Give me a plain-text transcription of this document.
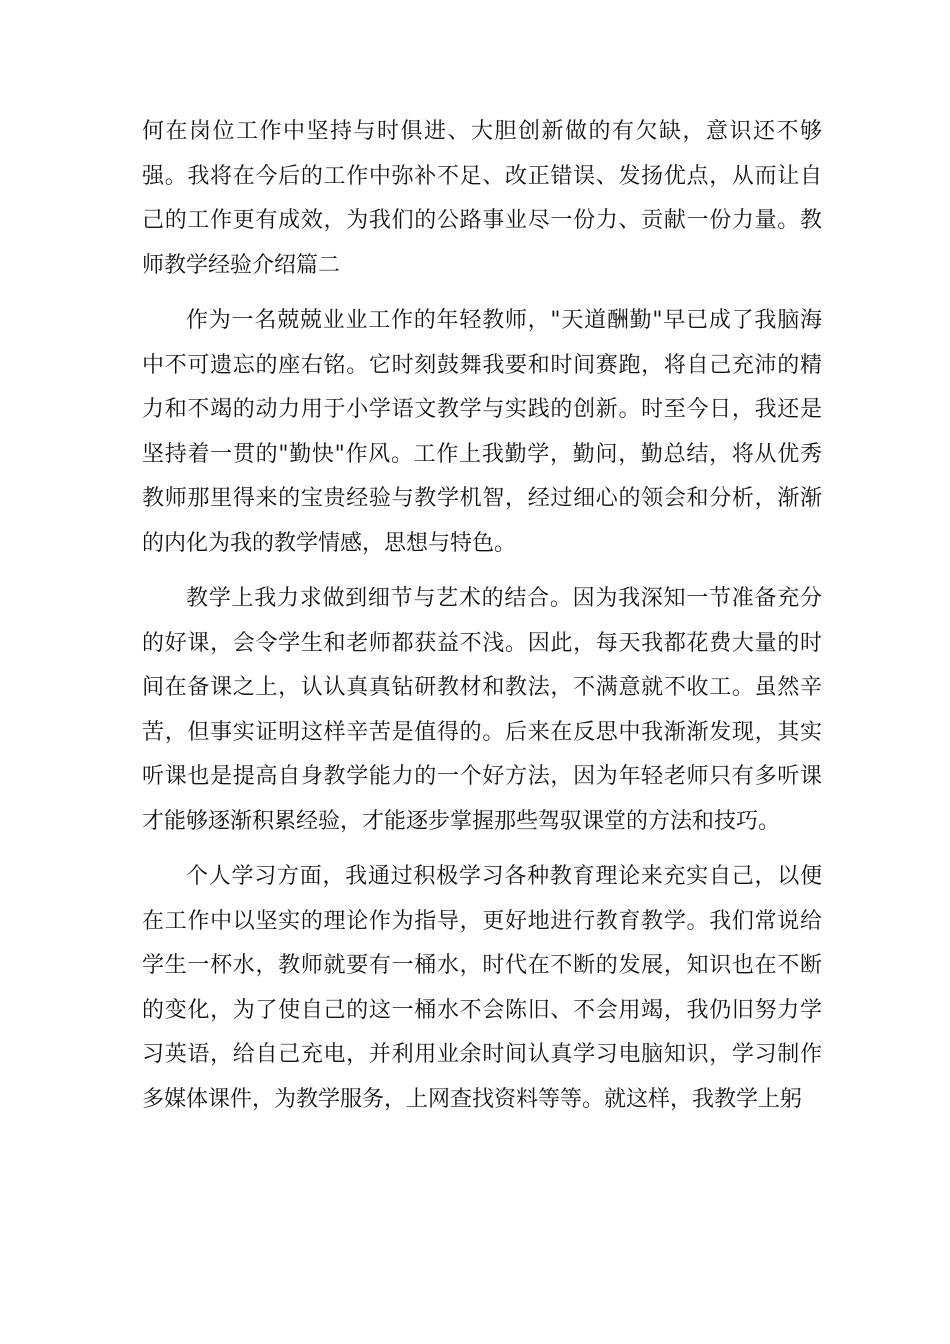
何在岗位工作中坚持与时俱进、大胆创新做的有欠缺，意识还不够强。我将在今后的工作中弥补不足、改正错误、发扬优点，从而让自己的工作更有成效，为我们的公路事业尽一份力、贡献一份力量。教师教学经验介绍篇二

作为一名兢兢业业工作的年轻教师，"天道酬勤"早已成了我脑海中不可遗忘的座右铭。它时刻鼓舞我要和时间赛跑，将自己充沛的精力和不竭的动力用于小学语文教学与实践的创新。时至今日，我还是坚持着一贯的"勤快"作风。工作上我勤学，勤问，勤总结，将从优秀教师那里得来的宝贵经验与教学机智，经过细心的领会和分析，渐渐的内化为我的教学情感，思想与特色。

教学上我力求做到细节与艺术的结合。因为我深知一节准备充分的好课，会令学生和老师都获益不浅。因此，每天我都花费大量的时间在备课之上，认认真真钻研教材和教法，不满意就不收工。虽然辛苦，但事实证明这样辛苦是值得的。后来在反思中我渐渐发现，其实听课也是提高自身教学能力的一个好方法，因为年轻老师只有多听课才能够逐渐积累经验，才能逐步掌握那些驾驭课堂的方法和技巧。

个人学习方面，我通过积极学习各种教育理论来充实自己，以便在工作中以坚实的理论作为指导，更好地进行教育教学。我们常说给学生一杯水，教师就要有一桶水，时代在不断的发展，知识也在不断的变化，为了使自己的这一桶水不会陈旧、不会用竭，我仍旧努力学习英语，给自己充电，并利用业余时间认真学习电脑知识，学习制作多媒体课件，为教学服务，上网查找资料等等。就这样，我教学上躬
